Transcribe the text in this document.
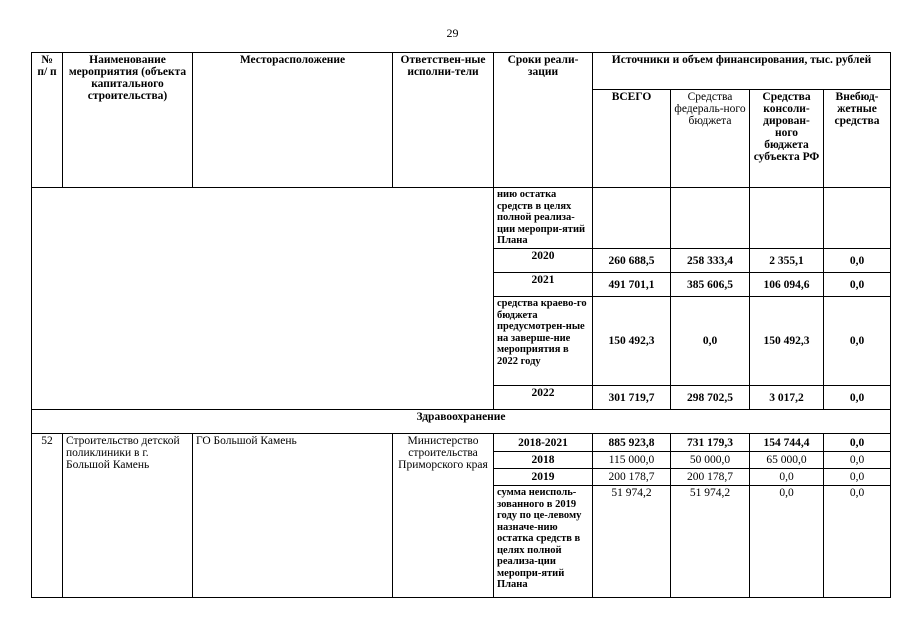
29
№ п/ п	Наименование мероприятия (объекта капитального строительства)	Месторасположение	Ответствен-ные исполни-тели	Сроки реали-зации	Источники и объем финансирования, тыс. рублей			
					ВСЕГО	Средства федераль-ного бюджета	Средства консоли-дирован-ного бюджета субъекта РФ	Внебюд-жетные средства
				нию остатка средств в целях полной реализа-ции меропри-ятий Плана				
				2020	260 688,5	258 333,4	2 355,1	0,0
				2021	491 701,1	385 606,5	106 094,6	0,0
				средства краево-го бюджета предусмотрен-ные на заверше-ние мероприятия в 2022 году	150 492,3	0,0	150 492,3	0,0
				2022	301 719,7	298 702,5	3 017,2	0,0
Здравоохранение								
52	Строительство детской поликлиники в г. Большой Камень	ГО Большой Камень	Министерство строительства Приморского края	2018-2021	885 923,8	731 179,3	154 744,4	0,0
				2018	115 000,0	50 000,0	65 000,0	0,0
				2019	200 178,7	200 178,7	0,0	0,0
				сумма неисполь-зованного в 2019 году по це-левому назначе-нию остатка средств в целях полной реализа-ции меропри-ятий Плана	51 974,2	51 974,2	0,0	0,0
